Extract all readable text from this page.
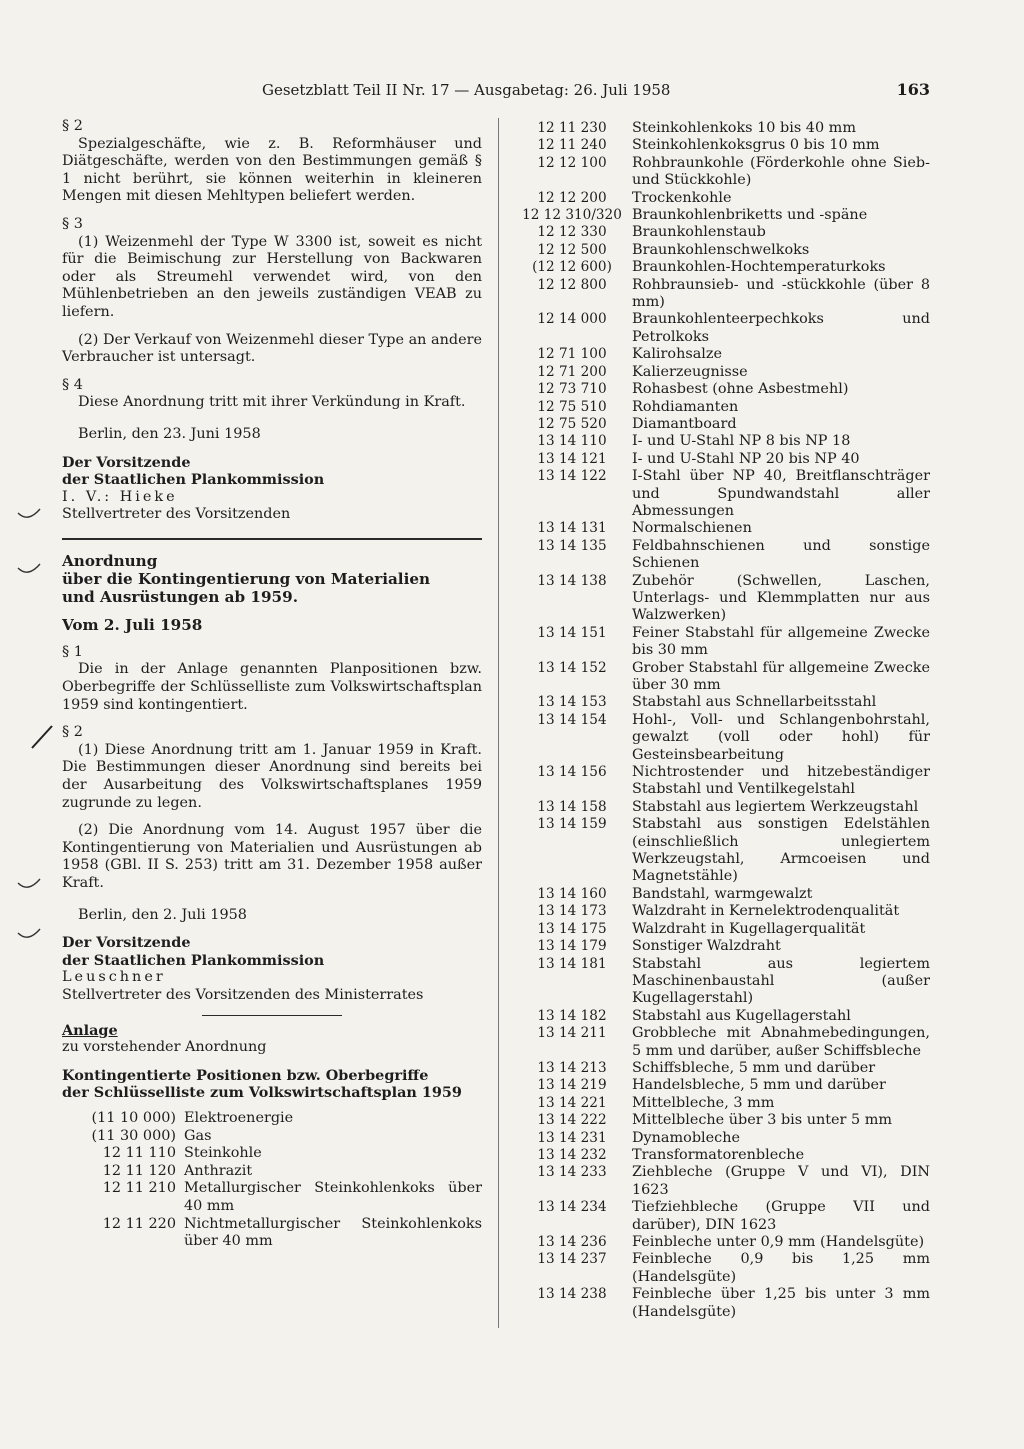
Gesetzblatt Teil II Nr. 17 — Ausgabetag: 26. Juli 1958	163

§ 2

Spezialgeschäfte, wie z. B. Reformhäuser und Diätgeschäfte, werden von den Bestimmungen gemäß § 1 nicht berührt, sie können weiterhin in kleineren Mengen mit diesen Mehltypen beliefert werden.

§ 3

(1) Weizenmehl der Type W 3300 ist, soweit es nicht für die Beimischung zur Herstellung von Backwaren oder als Streumehl verwendet wird, von den Mühlenbetrieben an den jeweils zuständigen VEAB zu liefern.

(2) Der Verkauf von Weizenmehl dieser Type an andere Verbraucher ist untersagt.

§ 4

Diese Anordnung tritt mit ihrer Verkündung in Kraft.

Berlin, den 23. Juni 1958

Der Vorsitzende

der Staatlichen Plankommission

I. V.: Hieke

Stellvertreter des Vorsitzenden

Anordnung

über die Kontingentierung von Materialien

und Ausrüstungen ab 1959.

Vom 2. Juli 1958

§ 1

Die in der Anlage genannten Planpositionen bzw. Oberbegriffe der Schlüsselliste zum Volkswirtschaftsplan 1959 sind kontingentiert.

§ 2

(1) Diese Anordnung tritt am 1. Januar 1959 in Kraft. Die Bestimmungen dieser Anordnung sind bereits bei der Ausarbeitung des Volkswirtschaftsplanes 1959 zugrunde zu legen.

(2) Die Anordnung vom 14. August 1957 über die Kontingentierung von Materialien und Ausrüstungen ab 1958 (GBl. II S. 253) tritt am 31. Dezember 1958 außer Kraft.

Berlin, den 2. Juli 1958

Der Vorsitzende

der Staatlichen Plankommission

Leuschner

Stellvertreter des Vorsitzenden des Ministerrates

Anlage

zu vorstehender Anordnung

Kontingentierte Positionen bzw. Oberbegriffe

der Schlüsselliste zum Volkswirtschaftsplan 1959

(11 10 000) Elektroenergie
(11 30 000) Gas
12 11 110 Steinkohle
12 11 120 Anthrazit
12 11 210 Metallurgischer Steinkohlenkoks über 40 mm
12 11 220 Nichtmetallurgischer Steinkohlenkoks über 40 mm
12 11 230	Steinkohlenkoks 10 bis 40 mm
12 11 240	Steinkohlenkoksgrus 0 bis 10 mm
12 12 100	Rohbraunkohle (Förderkohle ohne Sieb- und Stückkohle)
12 12 200	Trockenkohle
12 12 310/320 Braunkohlenbriketts und -späne
12 12 330	Braunkohlenstaub
12 12 500	Braunkohlenschwelkoks
(12 12 600)	Braunkohlen-Hochtemperaturkoks
12 12 800	Rohbraunsieb- und -stückkohle (über 8 mm)
12 14 000	Braunkohlenteerpechkoks und Petrolkoks
12 71 100	Kalirohsalze
12 71 200	Kalierzeugnisse
12 73 710	Rohasbest (ohne Asbestmehl)
12 75 510	Rohdiamanten
12 75 520	Diamantboard
13 14 110	I- und U-Stahl NP 8 bis NP 18
13 14 121	I- und U-Stahl NP 20 bis NP 40
13 14 122	I-Stahl über NP 40, Breitflanschträger und Spundwandstahl aller Abmessungen
13 14 131	Normalschienen
13 14 135	Feldbahnschienen und sonstige Schienen
13 14 138	Zubehör (Schwellen, Laschen, Unterlags- und Klemmplatten nur aus Walzwerken)
13 14 151	Feiner Stabstahl für allgemeine Zwecke bis 30 mm
13 14 152	Grober Stabstahl für allgemeine Zwecke über 30 mm
13 14 153	Stabstahl aus Schnellarbeitsstahl
13 14 154	Hohl-, Voll- und Schlangenbohrstahl, gewalzt (voll oder hohl) für Gesteinsbearbeitung
13 14 156	Nichtrostender und hitzebeständiger Stabstahl und Ventilkegelstahl
13 14 158	Stabstahl aus legiertem Werkzeugstahl
13 14 159	Stabstahl aus sonstigen Edelstählen (einschließlich unlegiertem Werkzeugstahl, Armcoeisen und Magnetstähle)
13 14 160	Bandstahl, warmgewalzt
13 14 173	Walzdraht in Kernelektrodenqualität
13 14 175	Walzdraht in Kugellagerqualität
13 14 179	Sonstiger Walzdraht
13 14 181	Stabstahl aus legiertem Maschinenbaustahl (außer Kugellagerstahl)
13 14 182	Stabstahl aus Kugellagerstahl
13 14 211	Grobbleche mit Abnahmebedingungen, 5 mm und darüber, außer Schiffsbleche
13 14 213	Schiffsbleche, 5 mm und darüber
13 14 219	Handelsbleche, 5 mm und darüber
13 14 221	Mittelbleche, 3 mm
13 14 222	Mittelbleche über 3 bis unter 5 mm
13 14 231	Dynamobleche
13 14 232	Transformatorenbleche
13 14 233	Ziehbleche (Gruppe V und VI), DIN 1623
13 14 234	Tiefziehbleche (Gruppe VII und darüber), DIN 1623
13 14 236	Feinbleche unter 0,9 mm (Handelsgüte)
13 14 237	Feinbleche 0,9 bis 1,25 mm (Handelsgüte)
13 14 238	Feinbleche über 1,25 bis unter 3 mm (Handelsgüte)
